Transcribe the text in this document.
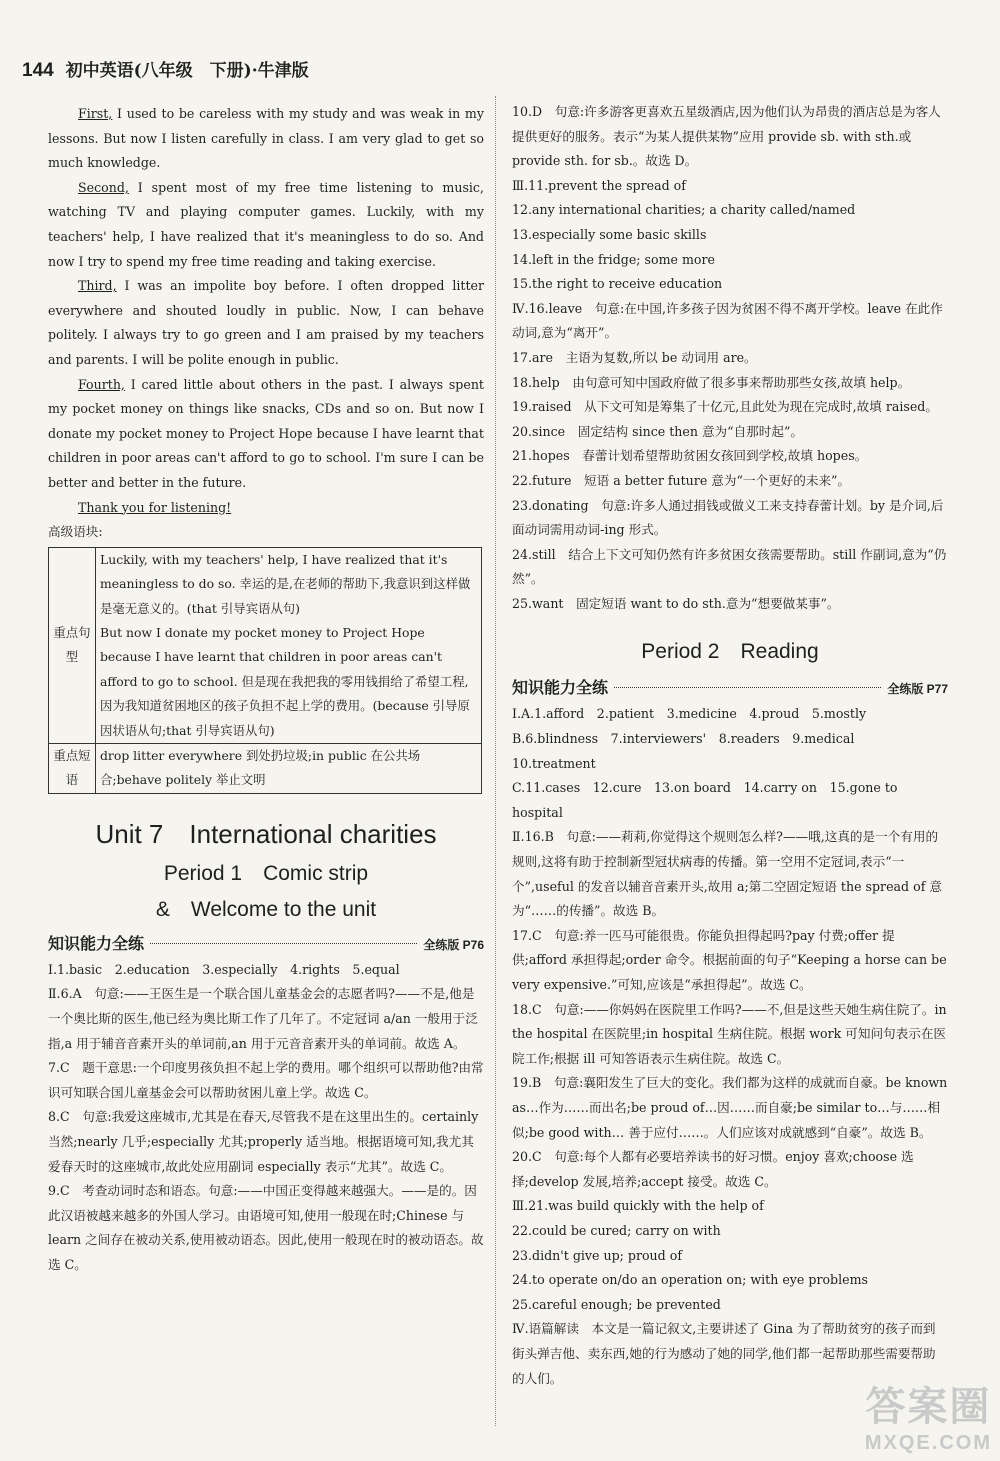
144 初中英语(八年级　下册)·牛津版

First, I used to be careless with my study and was weak in my lessons. But now I listen carefully in class. I am very glad to get so much knowledge.

Second, I spent most of my free time listening to music, watching TV and playing computer games. Luckily, with my teachers' help, I have realized that it's meaningless to do so. And now I try to spend my free time reading and taking exercise.

Third, I was an impolite boy before. I often dropped litter everywhere and shouted loudly in public. Now, I can behave politely. I always try to go green and I am praised by my teachers and parents. I will be polite enough in public.

Fourth, I cared little about others in the past. I always spent my pocket money on things like snacks, CDs and so on. But now I donate my pocket money to Project Hope because I have learnt that children in poor areas can't afford to go to school. I'm sure I can be better and better in the future.

Thank you for listening!

高级语块:

重点句型	Luckily, with my teachers' help, I have realized that it's meaningless to do so. 幸运的是,在老师的帮助下,我意识到这样做是毫无意义的。(that 引导宾语从句)
But now I donate my pocket money to Project Hope because I have learnt that children in poor areas can't afford to go to school. 但是现在我把我的零用钱捐给了希望工程,因为我知道贫困地区的孩子负担不起上学的费用。(because 引导原因状语从句;that 引导宾语从句)

重点短语	drop litter everywhere 到处扔垃圾;in public 在公共场合;behave politely 举止文明
Unit 7　International charities
Period 1　Comic strip
&　Welcome to the unit
知识能力全练	全练版 P76

Ⅰ.1.basic　2.education　3.especially　4.rights　5.equal

Ⅱ.6.A　句意:——王医生是一个联合国儿童基金会的志愿者吗?——不是,他是一个奥比斯的医生,他已经为奥比斯工作了几年了。不定冠词 a/an 一般用于泛指,a 用于辅音音素开头的单词前,an 用于元音音素开头的单词前。故选 A。

7.C　题干意思:一个印度男孩负担不起上学的费用。哪个组织可以帮助他?由常识可知联合国儿童基金会可以帮助贫困儿童上学。故选 C。

8.C　句意:我爱这座城市,尤其是在春天,尽管我不是在这里出生的。certainly 当然;nearly 几乎;especially 尤其;properly 适当地。根据语境可知,我尤其爱春天时的这座城市,故此处应用副词 especially 表示“尤其”。故选 C。

9.C　考查动词时态和语态。句意:——中国正变得越来越强大。——是的。因此汉语被越来越多的外国人学习。由语境可知,使用一般现在时;Chinese 与 learn 之间存在被动关系,使用被动语态。因此,使用一般现在时的被动语态。故选 C。

10.D　句意:许多游客更喜欢五星级酒店,因为他们认为昂贵的酒店总是为客人提供更好的服务。表示“为某人提供某物”应用 provide sb. with sth.或 provide sth. for sb.。故选 D。

Ⅲ.11.prevent the spread of

12.any international charities; a charity called/named

13.especially some basic skills

14.left in the fridge; some more

15.the right to receive education

Ⅳ.16.leave　句意:在中国,许多孩子因为贫困不得不离开学校。leave 在此作动词,意为“离开”。

17.are　主语为复数,所以 be 动词用 are。

18.help　由句意可知中国政府做了很多事来帮助那些女孩,故填 help。

19.raised　从下文可知是筹集了十亿元,且此处为现在完成时,故填 raised。

20.since　固定结构 since then 意为“自那时起”。

21.hopes　春蕾计划希望帮助贫困女孩回到学校,故填 hopes。

22.future　短语 a better future 意为“一个更好的未来”。

23.donating　句意:许多人通过捐钱或做义工来支持春蕾计划。by 是介词,后面动词需用动词-ing 形式。

24.still　结合上下文可知仍然有许多贫困女孩需要帮助。still 作副词,意为“仍然”。

25.want　固定短语 want to do sth.意为“想要做某事”。

Period 2　Reading
知识能力全练	全练版 P77

Ⅰ.A.1.afford　2.patient　3.medicine　4.proud　5.mostly

B.6.blindness　7.interviewers'　8.readers　9.medical　10.treatment

C.11.cases　12.cure　13.on board　14.carry on　15.gone to hospital

Ⅱ.16.B　句意:——莉莉,你觉得这个规则怎么样?——哦,这真的是一个有用的规则,这将有助于控制新型冠状病毒的传播。第一空用不定冠词,表示“一个”,useful 的发音以辅音音素开头,故用 a;第二空固定短语 the spread of 意为“……的传播”。故选 B。

17.C　句意:养一匹马可能很贵。你能负担得起吗?pay 付费;offer 提供;afford 承担得起;order 命令。根据前面的句子“Keeping a horse can be very expensive.”可知,应该是“承担得起”。故选 C。

18.C　句意:——你妈妈在医院里工作吗?——不,但是这些天她生病住院了。in the hospital 在医院里;in hospital 生病住院。根据 work 可知问句表示在医院工作;根据 ill 可知答语表示生病住院。故选 C。

19.B　句意:襄阳发生了巨大的变化。我们都为这样的成就而自豪。be known as…作为……而出名;be proud of…因……而自豪;be similar to…与……相似;be good with… 善于应付……。人们应该对成就感到“自豪”。故选 B。

20.C　句意:每个人都有必要培养读书的好习惯。enjoy 喜欢;choose 选择;develop 发展,培养;accept 接受。故选 C。

Ⅲ.21.was build quickly with the help of

22.could be cured; carry on with

23.didn't give up; proud of

24.to operate on/do an operation on; with eye problems

25.careful enough; be prevented

Ⅳ.语篇解读　本文是一篇记叙文,主要讲述了 Gina 为了帮助贫穷的孩子而到街头弹吉他、卖东西,她的行为感动了她的同学,他们都一起帮助那些需要帮助的人们。

答案圈
MXQE.COM
